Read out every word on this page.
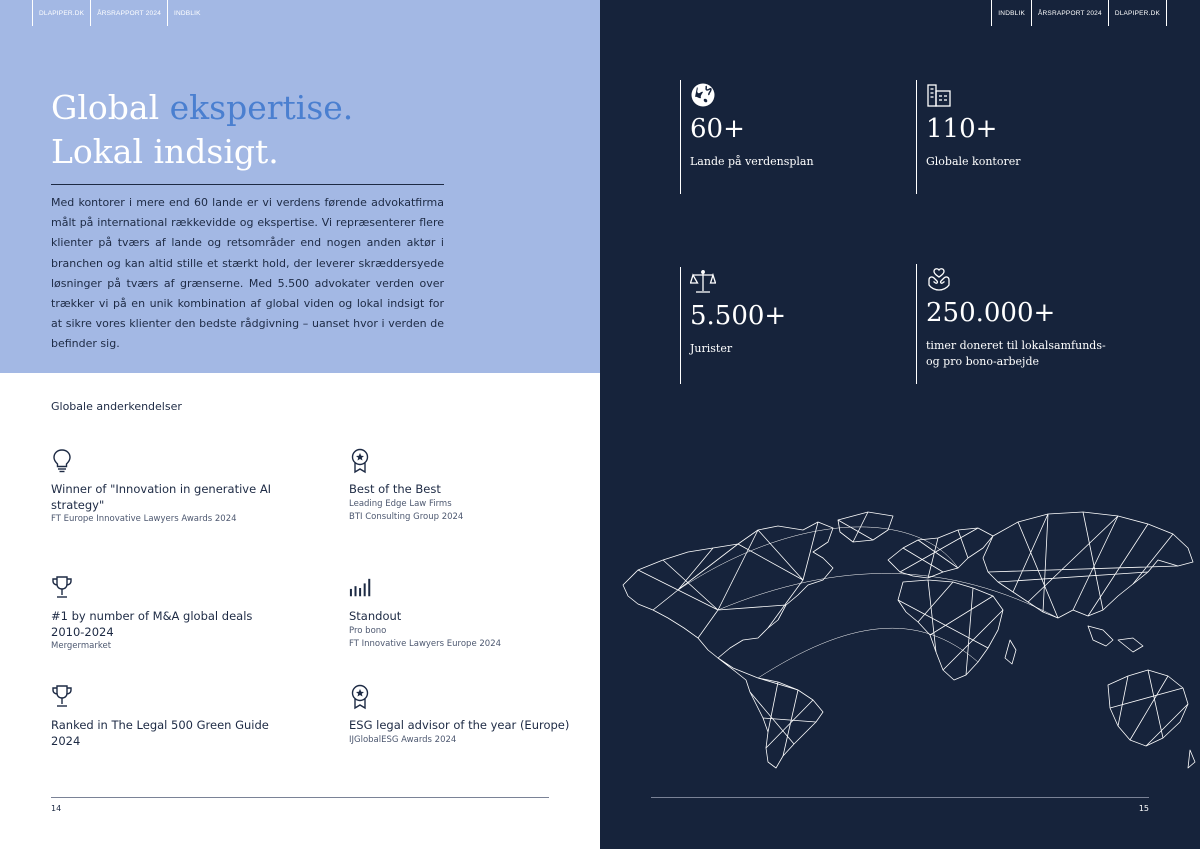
DLAPIPER.DK	ÅRSRAPPORT 2024	INDBLIK
Global ekspertise.
Lokal indsigt.

Med kontorer i mere end 60 lande er vi verdens førende advokatfirma målt på international rækkevidde og ekspertise. Vi repræsenterer flere klienter på tværs af lande og retsområder end nogen anden aktør i branchen og kan altid stille et stærkt hold, der leverer skræddersyede løsninger på tværs af grænserne. Med 5.500 advokater verden over trækker vi på en unik kombination af global viden og lokal indsigt for at sikre vores klienter den bedste rådgivning – uanset hvor i verden de befinder sig.

Globale anderkendelser
Winner of "Innovation in generative AI strategy"
FT Europe Innovative Lawyers Awards 2024
Best of the Best
Leading Edge Law Firms
BTI Consulting Group 2024
#1 by number of M&A global deals 2010-2024
Mergermarket
Standout
Pro bono
FT Innovative Lawyers Europe 2024
Ranked in The Legal 500 Green Guide 2024
ESG legal advisor of the year (Europe)
IJGlobalESG Awards 2024
14
INDBLIK	ÅRSRAPPORT 2024	DLAPIPER.DK
60+
Lande på verdensplan
110+
Globale kontorer
5.500+
Jurister
250.000+
timer doneret til lokalsamfunds- og pro bono-arbejde
15
